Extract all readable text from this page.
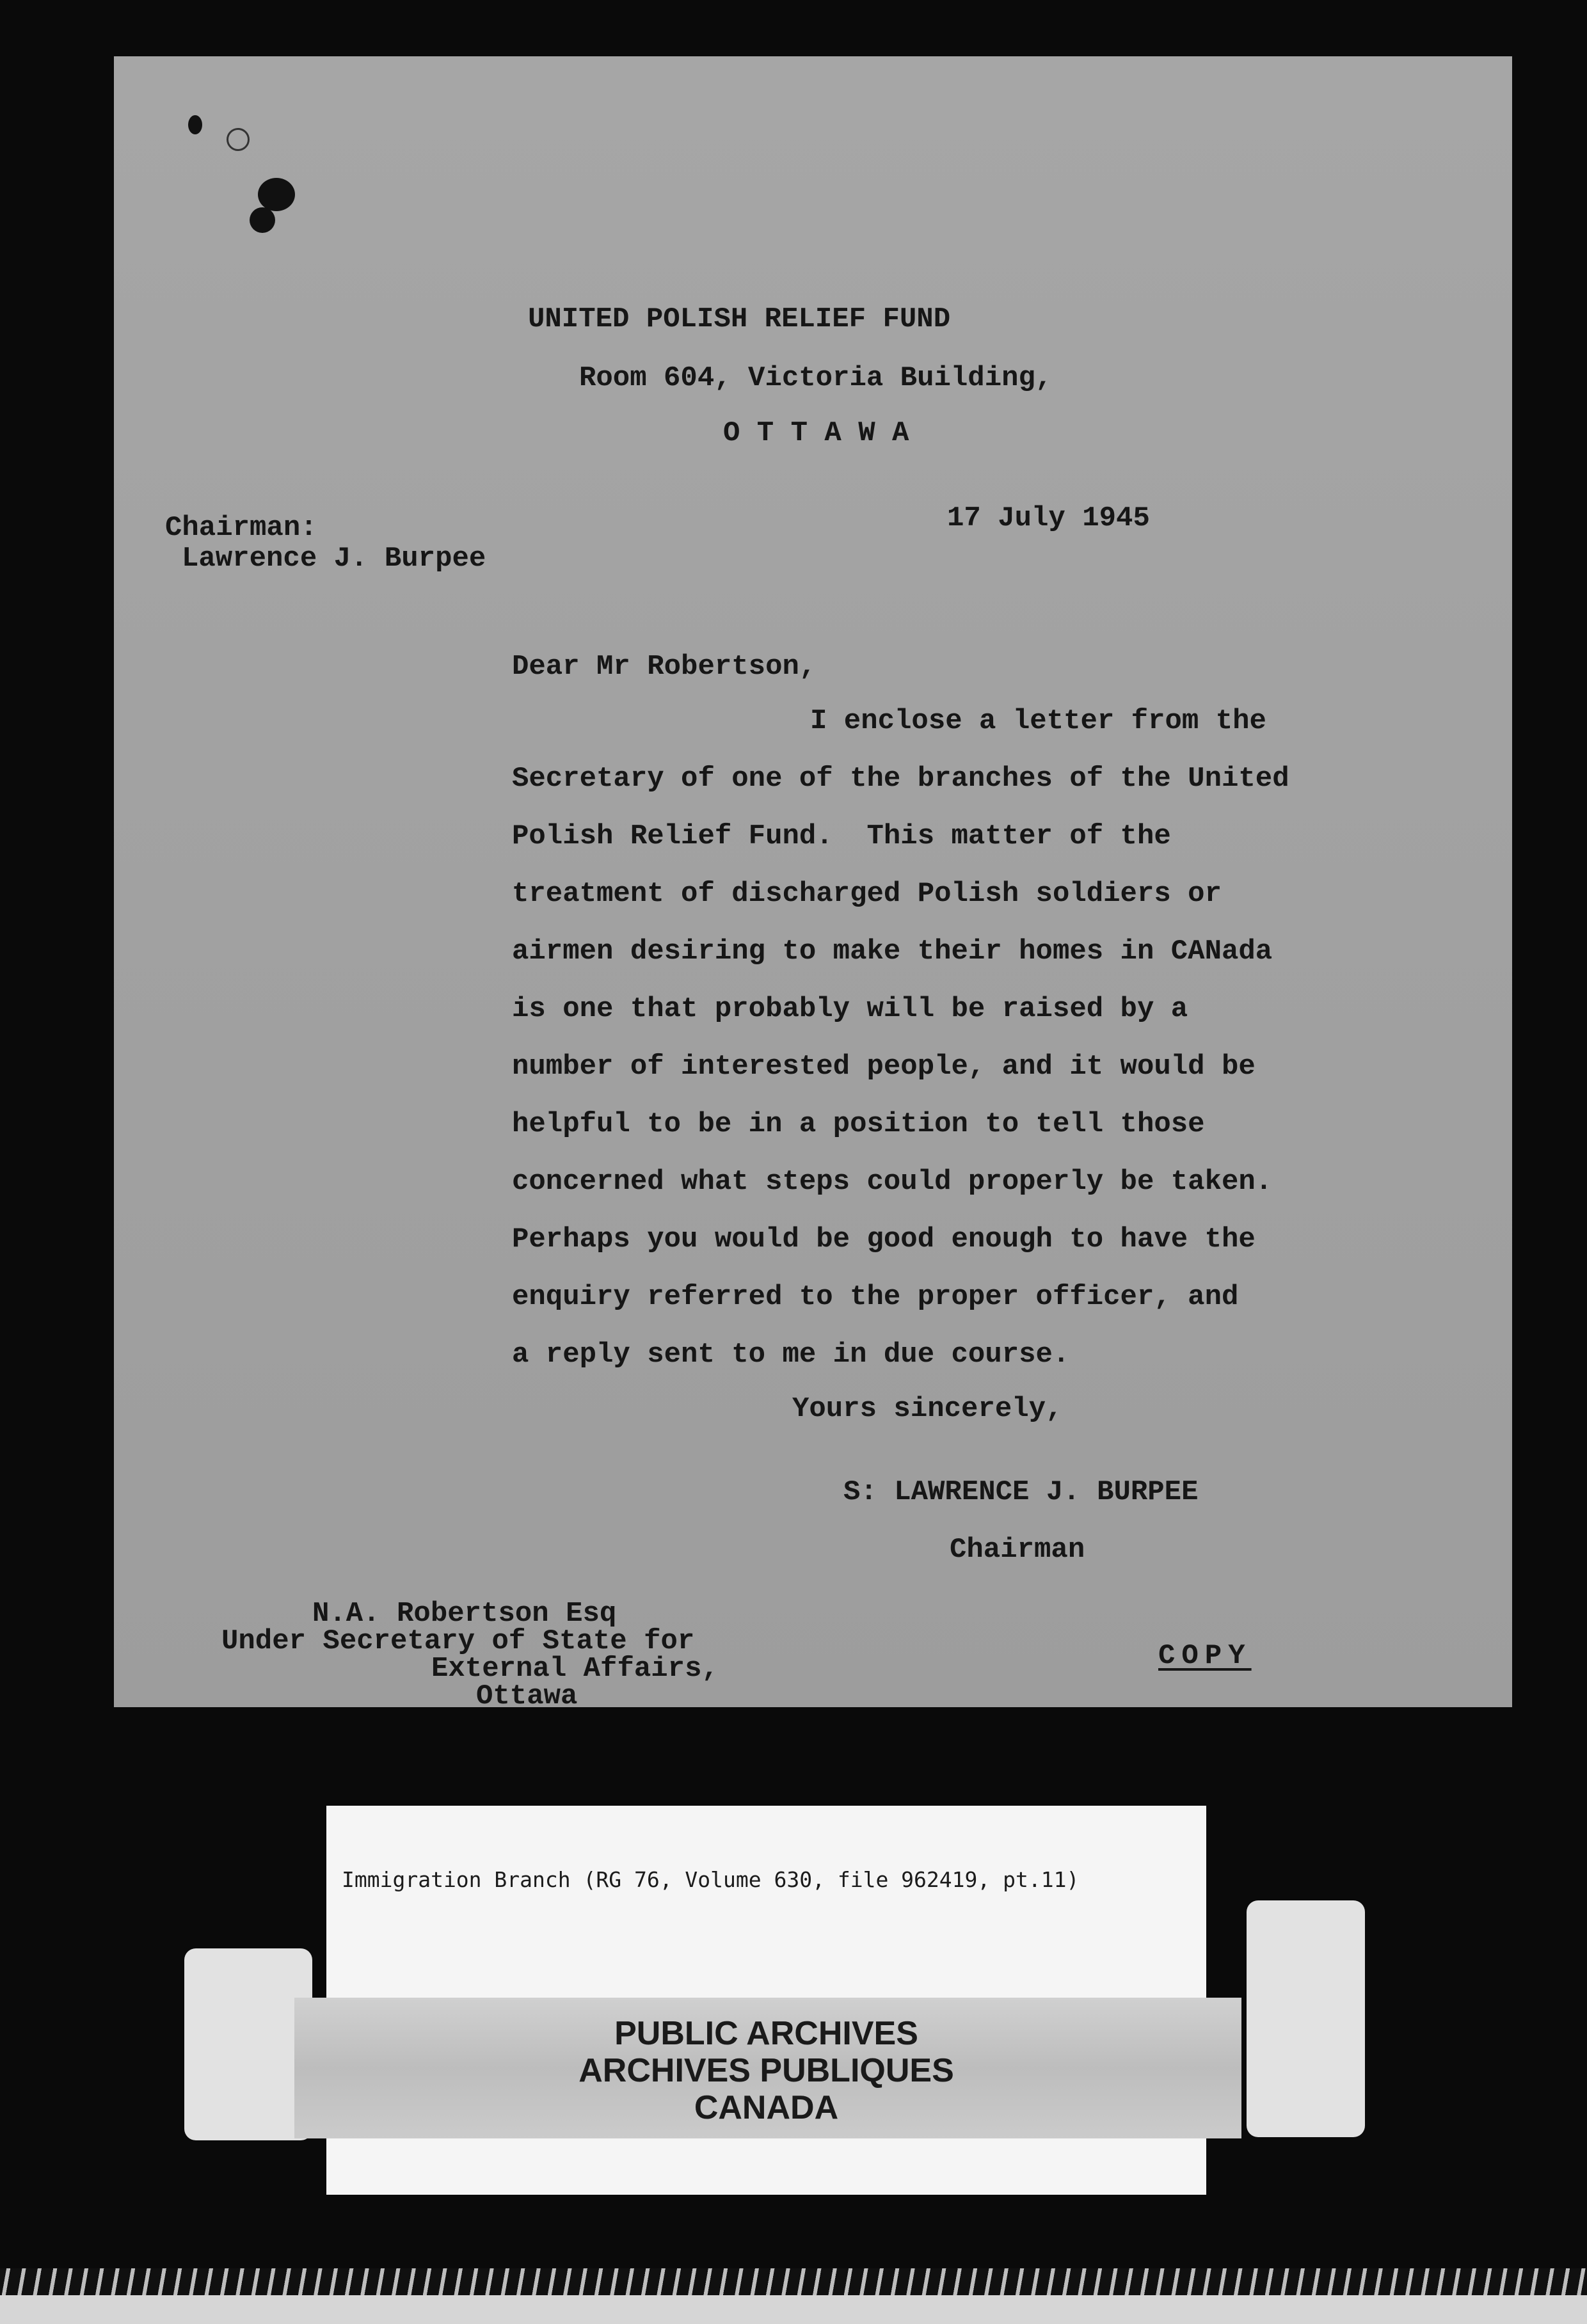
UNITED POLISH RELIEF FUND
Room 604, Victoria Building,
O T T A W A
Chairman:
Lawrence J. Burpee
17 July 1945
Dear Mr Robertson,
I enclose a letter from the
Secretary of one of the branches of the United
Polish Relief Fund.  This matter of the
treatment of discharged Polish soldiers or
airmen desiring to make their homes in CANada
is one that probably will be raised by a
number of interested people, and it would be
helpful to be in a position to tell those
concerned what steps could properly be taken.
Perhaps you would be good enough to have the
enquiry referred to the proper officer, and
a reply sent to me in due course.
Yours sincerely,
S: LAWRENCE J. BURPEE
Chairman
N.A. Robertson Esq
Under Secretary of State for
External Affairs,
Ottawa
COPY
Immigration Branch (RG 76, Volume 630, file 962419, pt.11)
PUBLIC ARCHIVES
ARCHIVES PUBLIQUES
CANADA
